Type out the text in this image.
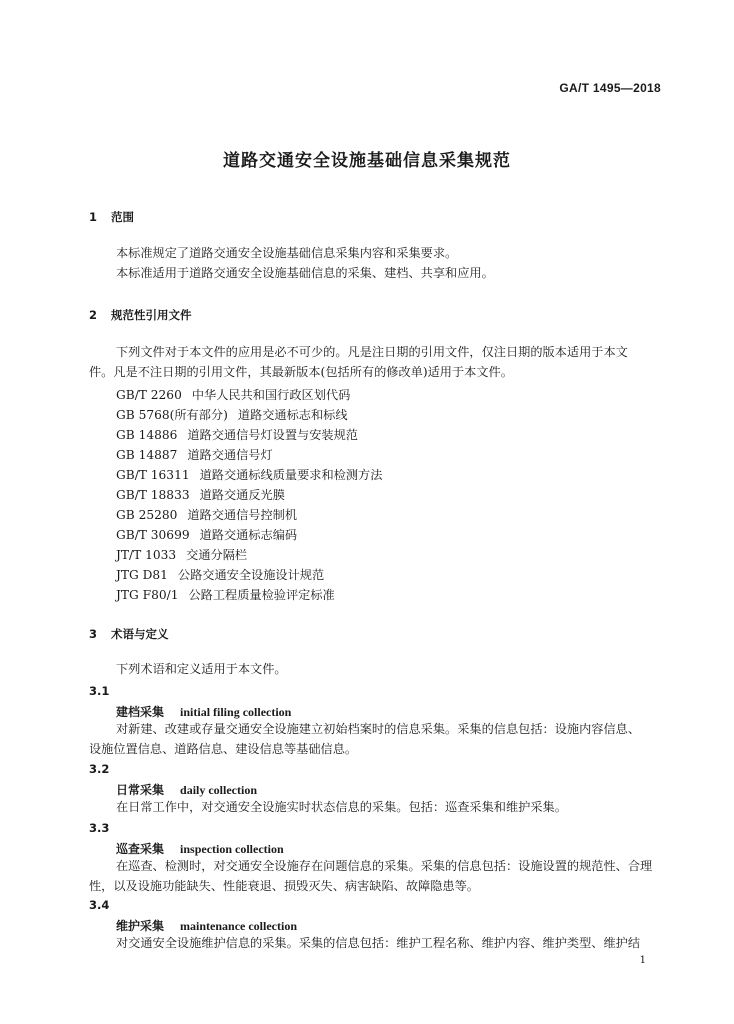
GA/T 1495—2018
道路交通安全设施基础信息采集规范
1 范围
本标准规定了道路交通安全设施基础信息采集内容和采集要求。
本标准适用于道路交通安全设施基础信息的采集、建档、共享和应用。
2 规范性引用文件
下列文件对于本文件的应用是必不可少的。凡是注日期的引用文件，仅注日期的版本适用于本文
件。凡是不注日期的引用文件，其最新版本(包括所有的修改单)适用于本文件。
GB/T 2260 中华人民共和国行政区划代码
GB 5768(所有部分) 道路交通标志和标线
GB 14886 道路交通信号灯设置与安装规范
GB 14887 道路交通信号灯
GB/T 16311 道路交通标线质量要求和检测方法
GB/T 18833 道路交通反光膜
GB 25280 道路交通信号控制机
GB/T 30699 道路交通标志编码
JT/T 1033 交通分隔栏
JTG D81 公路交通安全设施设计规范
JTG F80/1 公路工程质量检验评定标准
3 术语与定义
下列术语和定义适用于本文件。
3.1
建档采集 initial filing collection
对新建、改建或存量交通安全设施建立初始档案时的信息采集。采集的信息包括：设施内容信息、
设施位置信息、道路信息、建设信息等基础信息。
3.2
日常采集 daily collection
在日常工作中，对交通安全设施实时状态信息的采集。包括：巡查采集和维护采集。
3.3
巡查采集 inspection collection
在巡查、检测时，对交通安全设施存在问题信息的采集。采集的信息包括：设施设置的规范性、合理
性，以及设施功能缺失、性能衰退、损毁灭失、病害缺陷、故障隐患等。
3.4
维护采集 maintenance collection
对交通安全设施维护信息的采集。采集的信息包括：维护工程名称、维护内容、维护类型、维护结
1
